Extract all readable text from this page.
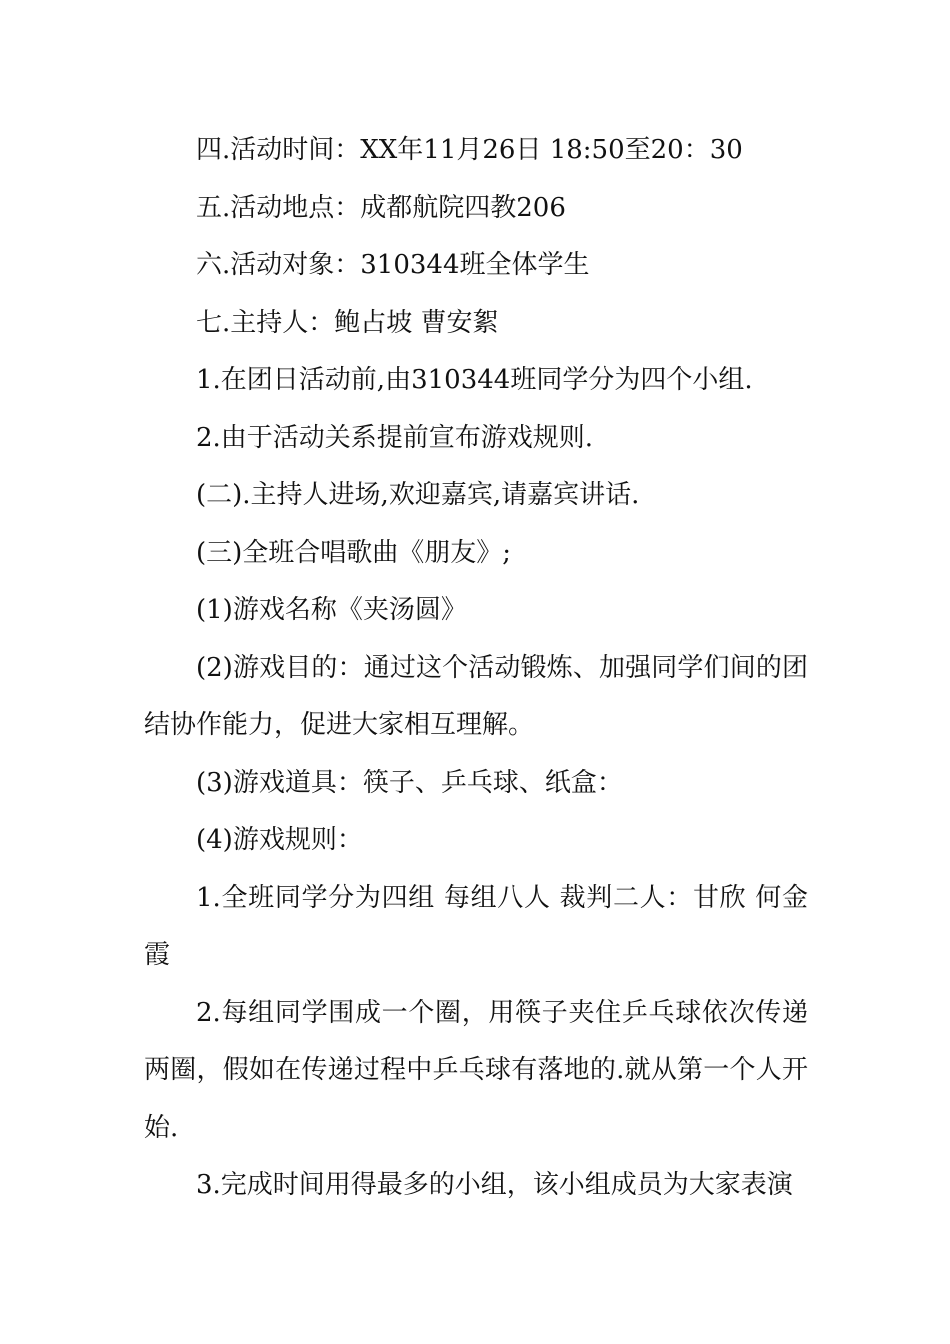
四.活动时间：XX年11月26日 18:50至20：30

五.活动地点：成都航院四教206

六.活动对象：310344班全体学生

七.主持人：鲍占坡 曹安絮

1.在团日活动前,由310344班同学分为四个小组.

2.由于活动关系提前宣布游戏规则.

(二).主持人进场,欢迎嘉宾,请嘉宾讲话.

(三)全班合唱歌曲《朋友》;

(1)游戏名称《夹汤圆》

(2)游戏目的：通过这个活动锻炼、加强同学们间的团结协作能力，促进大家相互理解。

(3)游戏道具：筷子、乒乓球、纸盒：

(4)游戏规则：

1.全班同学分为四组 每组八人 裁判二人：甘欣 何金霞

2.每组同学围成一个圈，用筷子夹住乒乓球依次传递两圈，假如在传递过程中乒乓球有落地的.就从第一个人开始.

3.完成时间用得最多的小组，该小组成员为大家表演
